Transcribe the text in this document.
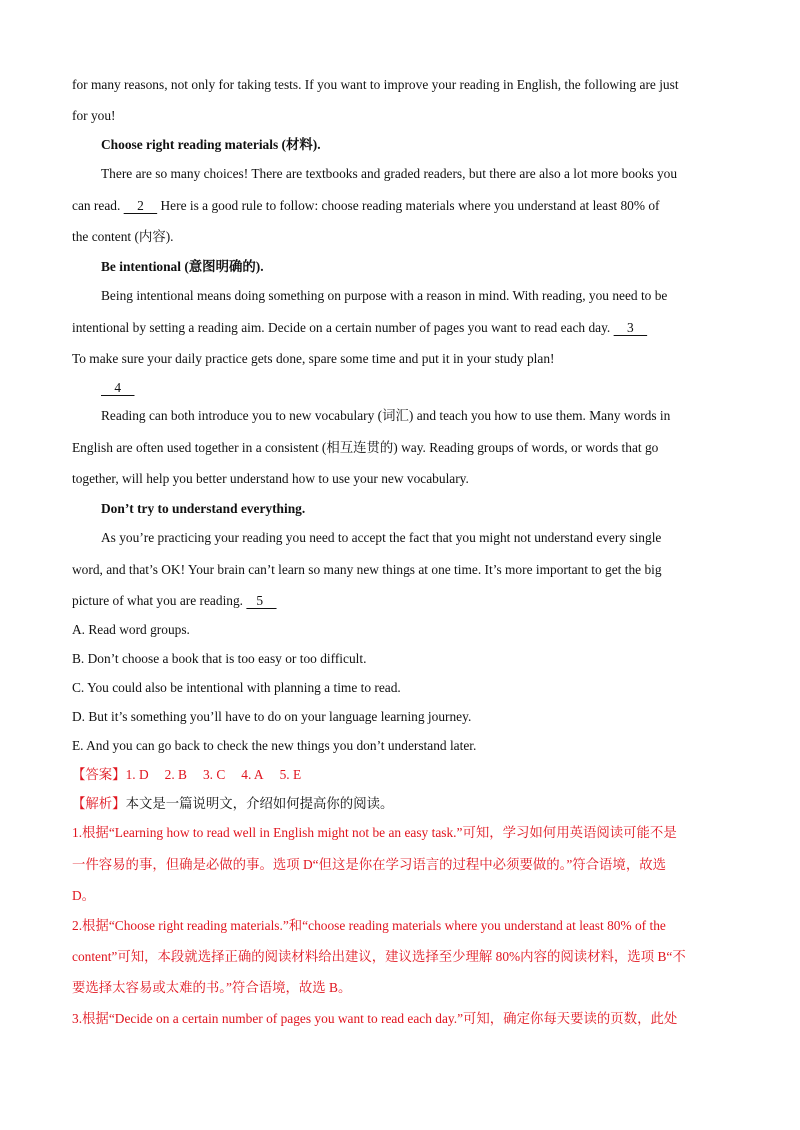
for many reasons, not only for taking tests. If you want to improve your reading in English, the following are just
for you!
Choose right reading materials (材料).
There are so many choices! There are textbooks and graded readers, but there are also a lot more books you
can read.     2     Here is a good rule to follow: choose reading materials where you understand at least 80% of
the content (内容).
Be intentional (意图明确的).
Being intentional means doing something on purpose with a reason in mind. With reading, you need to be
intentional by setting a reading aim. Decide on a certain number of pages you want to read each day.     3
To make sure your daily practice gets done, spare some time and put it in your study plan!
4
Reading can both introduce you to new vocabulary (词汇) and teach you how to use them. Many words in
English are often used together in a consistent (相互连贯的) way. Reading groups of words, or words that go
together, will help you better understand how to use your new vocabulary.
Don’t try to understand everything.
As you’re practicing your reading you need to accept the fact that you might not understand every single
word, and that’s OK! Your brain can’t learn so many new things at one time. It’s more important to get the big
picture of what you are reading.    5
A. Read word groups.
B. Don’t choose a book that is too easy or too difficult.
C. You could also be intentional with planning a time to read.
D. But it’s something you’ll have to do on your language learning journey.
E. And you can go back to check the new things you don’t understand later.
【答案】1. D 2. B 3. C 4. A 5. E
【解析】本文是一篇说明文，介绍如何提高你的阅读。
1.根据“Learning how to read well in English might not be an easy task.”可知，学习如何用英语阅读可能不是
一件容易的事，但确是必做的事。选项 D“但这是你在学习语言的过程中必须要做的。”符合语境，故选
D。
2.根据“Choose right reading materials.”和“choose reading materials where you understand at least 80% of the
content”可知，本段就选择正确的阅读材料给出建议，建议选择至少理解 80%内容的阅读材料，选项 B“不
要选择太容易或太难的书。”符合语境，故选 B。
3.根据“Decide on a certain number of pages you want to read each day.”可知，确定你每天要读的页数，此处
